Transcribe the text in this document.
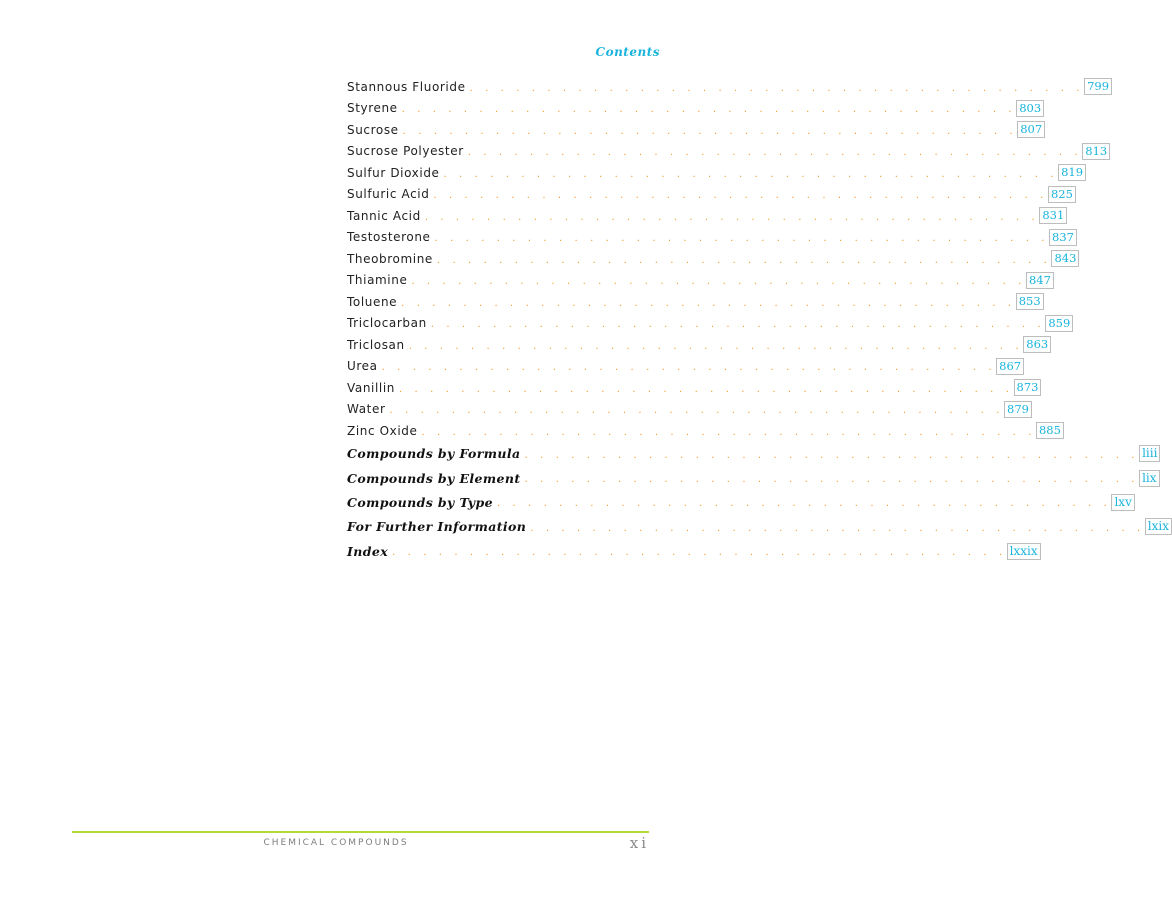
Contents
Stannous Fluoride . . . . . . . . . . . . . . . . . . . . . . . . . . . . . . . . . . . . . . . . 799
Styrene . . . . . . . . . . . . . . . . . . . . . . . . . . . . . . . . . . . . . . . . 803
Sucrose . . . . . . . . . . . . . . . . . . . . . . . . . . . . . . . . . . . . . . . . 807
Sucrose Polyester . . . . . . . . . . . . . . . . . . . . . . . . . . . . . . . . . . . . . . . . 813
Sulfur Dioxide . . . . . . . . . . . . . . . . . . . . . . . . . . . . . . . . . . . . . . . . 819
Sulfuric Acid . . . . . . . . . . . . . . . . . . . . . . . . . . . . . . . . . . . . . . . . 825
Tannic Acid . . . . . . . . . . . . . . . . . . . . . . . . . . . . . . . . . . . . . . . . 831
Testosterone . . . . . . . . . . . . . . . . . . . . . . . . . . . . . . . . . . . . . . . . 837
Theobromine . . . . . . . . . . . . . . . . . . . . . . . . . . . . . . . . . . . . . . . . 843
Thiamine . . . . . . . . . . . . . . . . . . . . . . . . . . . . . . . . . . . . . . . . 847
Toluene . . . . . . . . . . . . . . . . . . . . . . . . . . . . . . . . . . . . . . . . 853
Triclocarban . . . . . . . . . . . . . . . . . . . . . . . . . . . . . . . . . . . . . . . . 859
Triclosan . . . . . . . . . . . . . . . . . . . . . . . . . . . . . . . . . . . . . . . . 863
Urea . . . . . . . . . . . . . . . . . . . . . . . . . . . . . . . . . . . . . . . . 867
Vanillin . . . . . . . . . . . . . . . . . . . . . . . . . . . . . . . . . . . . . . . . 873
Water . . . . . . . . . . . . . . . . . . . . . . . . . . . . . . . . . . . . . . . . 879
Zinc Oxide . . . . . . . . . . . . . . . . . . . . . . . . . . . . . . . . . . . . . . . . 885
Compounds by Formula . . . . . . . . . . . . . . . . . . . . . . . . . . . . . . . . . . . . . . . . liii
Compounds by Element . . . . . . . . . . . . . . . . . . . . . . . . . . . . . . . . . . . . . . . . lix
Compounds by Type . . . . . . . . . . . . . . . . . . . . . . . . . . . . . . . . . . . . . . . . lxv
For Further Information . . . . . . . . . . . . . . . . . . . . . . . . . . . . . . . . . . . . . . . . lxix
Index . . . . . . . . . . . . . . . . . . . . . . . . . . . . . . . . . . . . . . . . lxxix
CHEMICAL COMPOUNDS	xi
